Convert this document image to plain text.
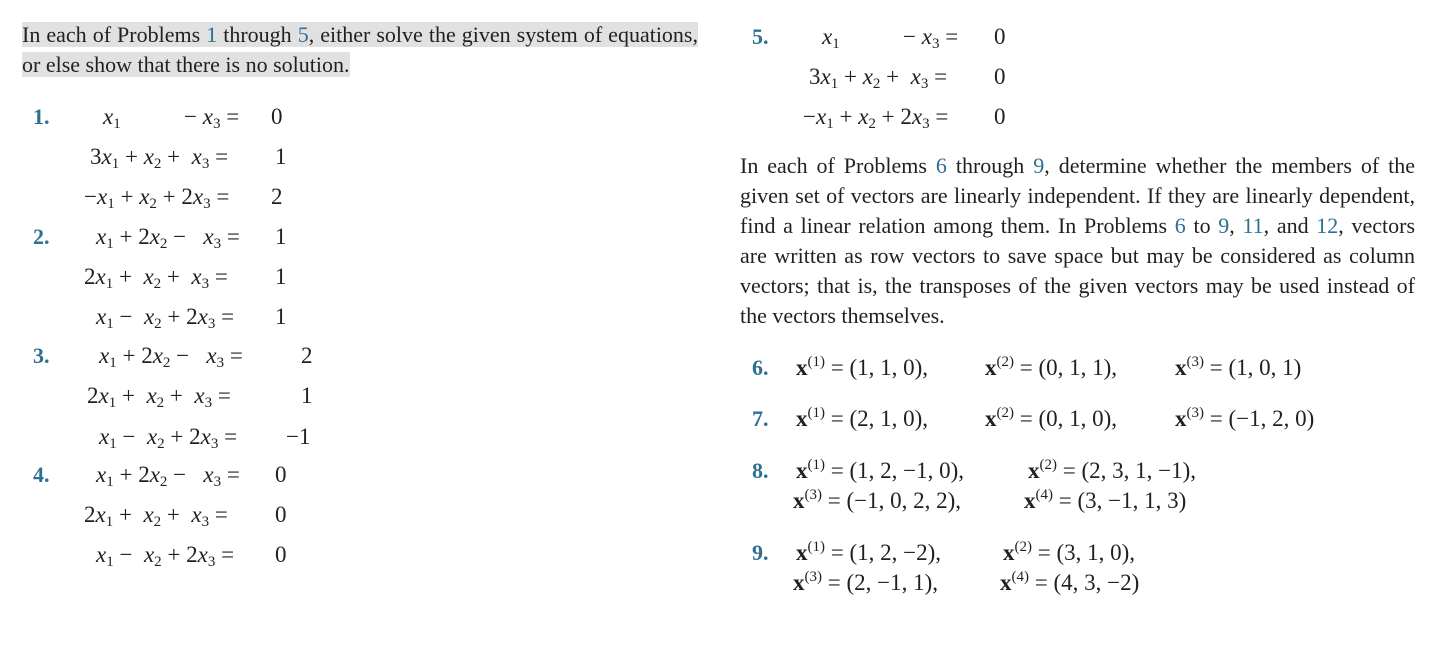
In each of Problems 1 through 5, either solve the given system of equations, or else show that there is no solution.
1. $x_1$	− $x_3 = 0$
$3x_1 + x_2 + x_3 = 1$
$-x_1 + x_2 + 2x_3 = 2$
2. $x_1 + 2x_2 - x_3 = 1$
$2x_1 + x_2 + x_3 = 1$
$x_1 - x_2 + 2x_3 = 1$
3. $x_1 + 2x_2 - x_3$ =	2
$2x_1 + x_2 + x_3$ =	1
$x_1 - x_2 + 2x_3 = -1$
4. $x_1 + 2x_2 - x_3 = 0$
$2x_1 + x_2 + x_3 = 0$
$x_1 - x_2 + 2x_3 = 0$
5. $x_1$	− $x_3 = 0$
$3x_1 + x_2 + x_3 = 0$
$-x_1 + x_2 + 2x_3 = 0$
In each of Problems 6 through 9, determine whether the members of the given set of vectors are linearly independent. If they are linearly dependent, find a linear relation among them. In Problems 6 to 9, 11, and 12, vectors are written as row vectors to save space but may be considered as column vectors; that is, the transposes of the given vectors may be used instead of the vectors themselves.
6. $x^{(1)} = (1$, 1, 0), $x^{(2)} = (0$, 1, 1),	$x^{(3)} = (1$, 0, 1)
7. $x^{(1)} = (2$, 1, 0), $x^{(2)} = (0$, 1, 0),	$x^{(3)} = (-1$, 2, 0)
8. $x^{(1)} = (1$, 2, −1, 0),	$x^{(2)} = (2$, 3, 1, −1),
$x^{(3)} = (-1$, 0, 2, 2),	$x^{(4)} = (3$, −1, 1, 3)
9. $x^{(1)} = (1$, 2, −2),	$x^{(2)} = (3$, 1, 0),
$x^{(3)} = (2$, −1, 1),	$x^{(4)} = (4$, 3, −2)
